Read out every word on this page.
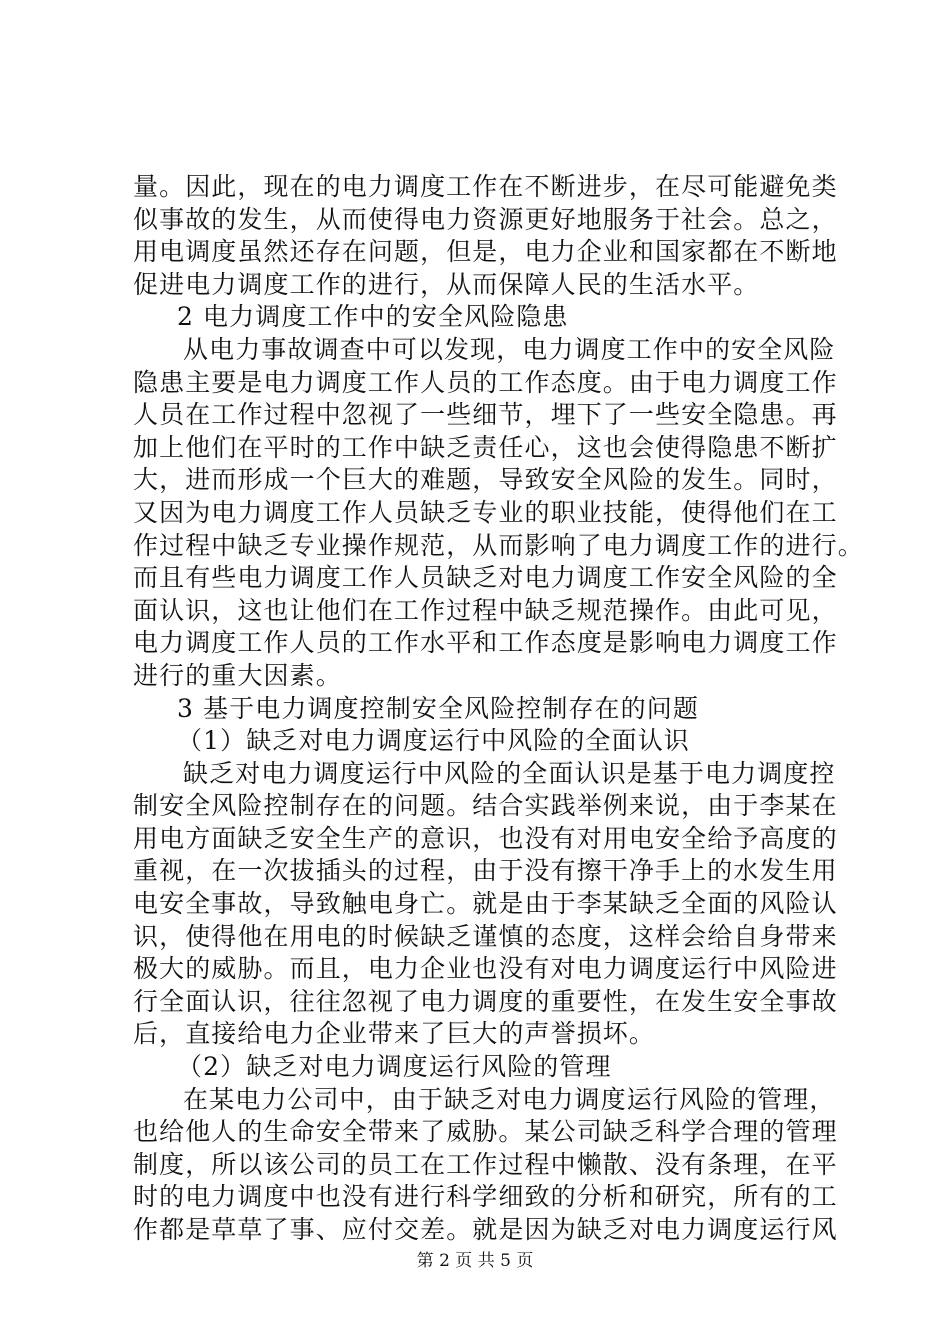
量。因此，现在的电力调度工作在不断进步，在尽可能避免类
似事故的发生，从而使得电力资源更好地服务于社会。总之，
用电调度虽然还存在问题，但是，电力企业和国家都在不断地
促进电力调度工作的进行，从而保障人民的生活水平。
2 电力调度工作中的安全风险隐患
从电力事故调查中可以发现，电力调度工作中的安全风险
隐患主要是电力调度工作人员的工作态度。由于电力调度工作
人员在工作过程中忽视了一些细节，埋下了一些安全隐患。再
加上他们在平时的工作中缺乏责任心，这也会使得隐患不断扩
大，进而形成一个巨大的难题，导致安全风险的发生。同时，
又因为电力调度工作人员缺乏专业的职业技能，使得他们在工
作过程中缺乏专业操作规范，从而影响了电力调度工作的进行。
而且有些电力调度工作人员缺乏对电力调度工作安全风险的全
面认识，这也让他们在工作过程中缺乏规范操作。由此可见，
电力调度工作人员的工作水平和工作态度是影响电力调度工作
进行的重大因素。
3 基于电力调度控制安全风险控制存在的问题
（1）缺乏对电力调度运行中风险的全面认识
缺乏对电力调度运行中风险的全面认识是基于电力调度控
制安全风险控制存在的问题。结合实践举例来说，由于李某在
用电方面缺乏安全生产的意识，也没有对用电安全给予高度的
重视，在一次拔插头的过程，由于没有擦干净手上的水发生用
电安全事故，导致触电身亡。就是由于李某缺乏全面的风险认
识，使得他在用电的时候缺乏谨慎的态度，这样会给自身带来
极大的威胁。而且，电力企业也没有对电力调度运行中风险进
行全面认识，往往忽视了电力调度的重要性，在发生安全事故
后，直接给电力企业带来了巨大的声誉损坏。
（2）缺乏对电力调度运行风险的管理
在某电力公司中，由于缺乏对电力调度运行风险的管理，
也给他人的生命安全带来了威胁。某公司缺乏科学合理的管理
制度，所以该公司的员工在工作过程中懒散、没有条理，在平
时的电力调度中也没有进行科学细致的分析和研究，所有的工
作都是草草了事、应付交差。就是因为缺乏对电力调度运行风
第 2 页 共 5 页
